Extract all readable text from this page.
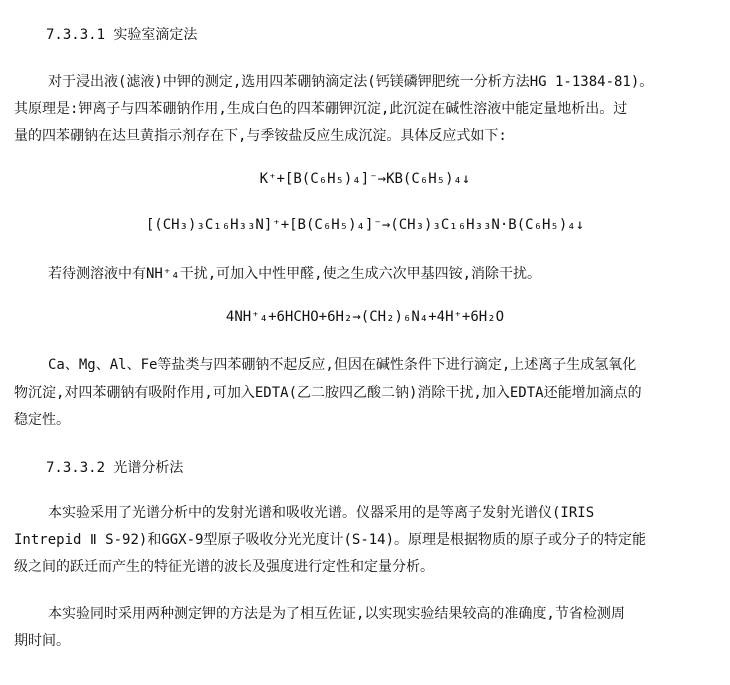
7.3.3.1 实验室滴定法

对于浸出液(滤液)中钾的测定,选用四苯硼钠滴定法(钙镁磷钾肥统一分析方法HG 1-1384-81)。

其原理是:钾离子与四苯硼钠作用,生成白色的四苯硼钾沉淀,此沉淀在碱性溶液中能定量地析出。过

量的四苯硼钠在达旦黄指示剂存在下,与季铵盐反应生成沉淀。具体反应式如下:

K⁺+[B(C₆H₅)₄]⁻→KB(C₆H₅)₄↓

[(CH₃)₃C₁₆H₃₃N]⁺+[B(C₆H₅)₄]⁻→(CH₃)₃C₁₆H₃₃N·B(C₆H₅)₄↓

若待测溶液中有NH⁺₄干扰,可加入中性甲醛,使之生成六次甲基四铵,消除干扰。

4NH⁺₄+6HCHO+6H₂→(CH₂)₆N₄+4H⁺+6H₂O

Ca、Mg、Al、Fe等盐类与四苯硼钠不起反应,但因在碱性条件下进行滴定,上述离子生成氢氧化

物沉淀,对四苯硼钠有吸附作用,可加入EDTA(乙二胺四乙酸二钠)消除干扰,加入EDTA还能增加滴点的

稳定性。

7.3.3.2 光谱分析法

本实验采用了光谱分析中的发射光谱和吸收光谱。仪器采用的是等离子发射光谱仪(IRIS

Intrepid Ⅱ S-92)和GGX-9型原子吸收分光光度计(S-14)。原理是根据物质的原子或分子的特定能

级之间的跃迁而产生的特征光谱的波长及强度进行定性和定量分析。

本实验同时采用两种测定钾的方法是为了相互佐证,以实现实验结果较高的准确度,节省检测周

期时间。
